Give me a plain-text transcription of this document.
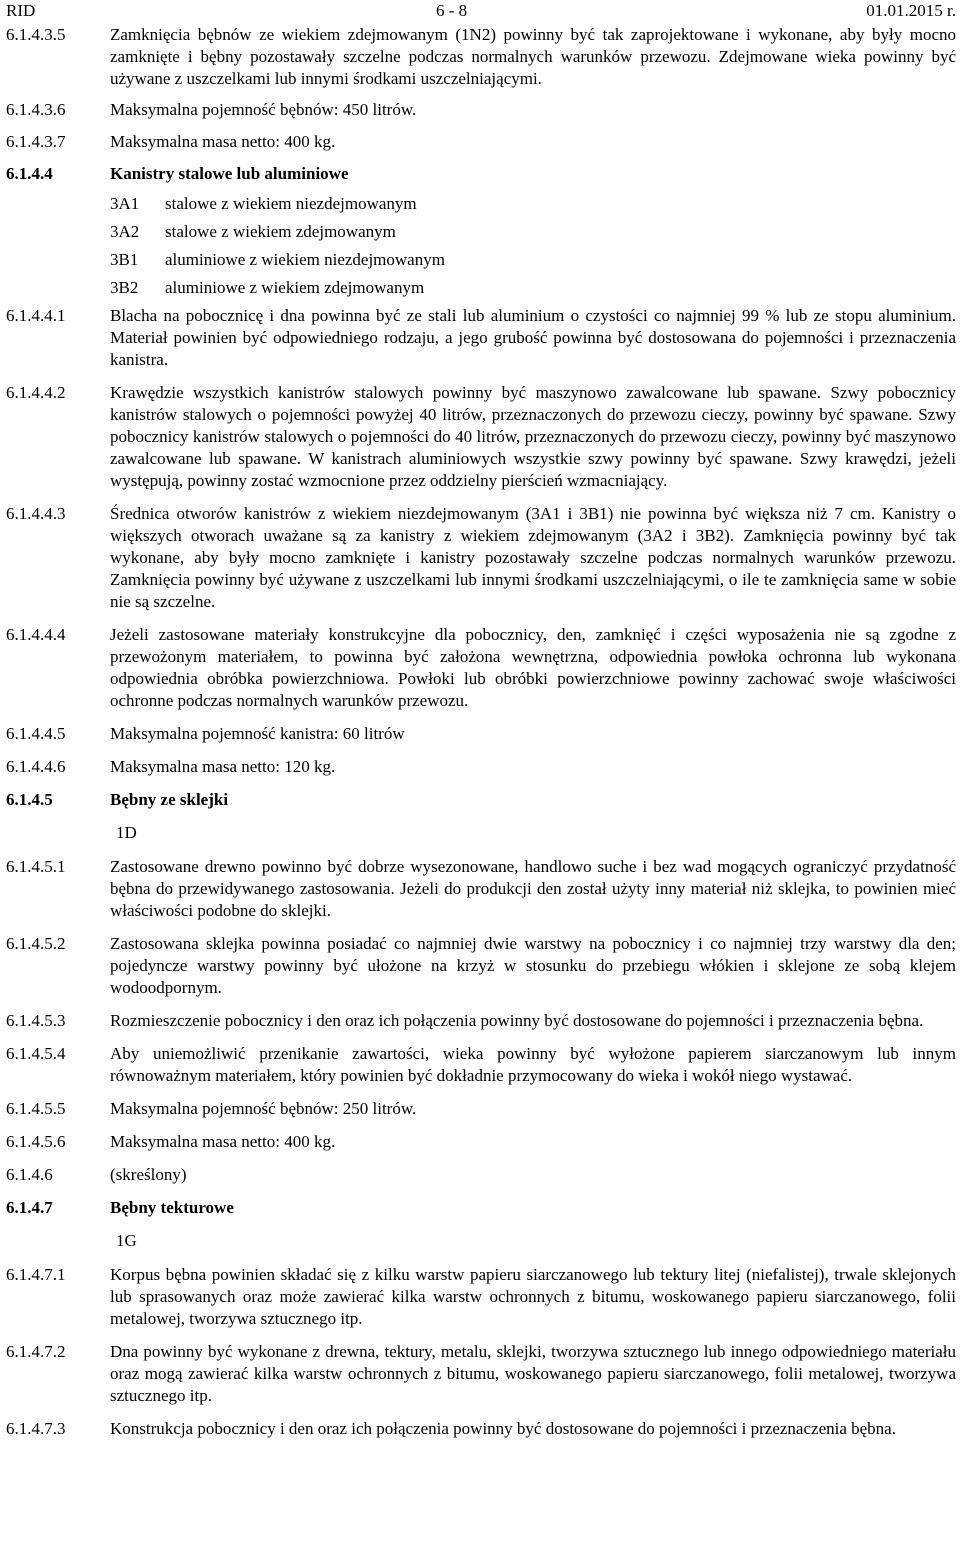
RID	6 - 8	01.01.2015 r.
6.1.4.3.5	Zamknięcia bębnów ze wiekiem zdejmowanym (1N2) powinny być tak zaprojektowane i wykonane, aby były mocno zamknięte i bębny pozostawały szczelne podczas normalnych warunków przewozu. Zdejmowane wieka powinny być używane z uszczelkami lub innymi środkami uszczelniającymi.
6.1.4.3.6	Maksymalna pojemność bębnów: 450 litrów.
6.1.4.3.7	Maksymalna masa netto: 400 kg.
6.1.4.4	Kanistry stalowe lub aluminiowe
3A1 stalowe z wiekiem niezdejmowanym
3A2 stalowe z wiekiem zdejmowanym
3B1 aluminiowe z wiekiem niezdejmowanym
3B2 aluminiowe z wiekiem zdejmowanym
6.1.4.4.1	Blacha na pobocznicę i dna powinna być ze stali lub aluminium o czystości co najmniej 99 % lub ze stopu aluminium. Materiał powinien być odpowiedniego rodzaju, a jego grubość powinna być dostosowana do pojemności i przeznaczenia kanistra.
6.1.4.4.2	Krawędzie wszystkich kanistrów stalowych powinny być maszynowo zawalcowane lub spawane. Szwy pobocznicy kanistrów stalowych o pojemności powyżej 40 litrów, przeznaczonych do przewozu cieczy, powinny być spawane. Szwy pobocznicy kanistrów stalowych o pojemności do 40 litrów, przeznaczonych do przewozu cieczy, powinny być maszynowo zawalcowane lub spawane. W kanistrach aluminiowych wszystkie szwy powinny być spawane. Szwy krawędzi, jeżeli występują, powinny zostać wzmocnione przez oddzielny pierścień wzmacniający.
6.1.4.4.3	Średnica otworów kanistrów z wiekiem niezdejmowanym (3A1 i 3B1) nie powinna być większa niż 7 cm. Kanistry o większych otworach uważane są za kanistry z wiekiem zdejmowanym (3A2 i 3B2). Zamknięcia powinny być tak wykonane, aby były mocno zamknięte i kanistry pozostawały szczelne podczas normalnych warunków przewozu. Zamknięcia powinny być używane z uszczelkami lub innymi środkami uszczelniającymi, o ile te zamknięcia same w sobie nie są szczelne.
6.1.4.4.4	Jeżeli zastosowane materiały konstrukcyjne dla pobocznicy, den, zamknięć i części wyposażenia nie są zgodne z przewożonym materiałem, to powinna być założona wewnętrzna, odpowiednia powłoka ochronna lub wykonana odpowiednia obróbka powierzchniowa. Powłoki lub obróbki powierzchniowe powinny zachować swoje właściwości ochronne podczas normalnych warunków przewozu.
6.1.4.4.5	Maksymalna pojemność kanistra: 60 litrów
6.1.4.4.6	Maksymalna masa netto: 120 kg.
6.1.4.5	Bębny ze sklejki
1D
6.1.4.5.1	Zastosowane drewno powinno być dobrze wysezonowane, handlowo suche i bez wad mogących ograniczyć przydatność bębna do przewidywanego zastosowania. Jeżeli do produkcji den został użyty inny materiał niż sklejka, to powinien mieć właściwości podobne do sklejki.
6.1.4.5.2	Zastosowana sklejka powinna posiadać co najmniej dwie warstwy na pobocznicy i co najmniej trzy warstwy dla den; pojedyncze warstwy powinny być ułożone na krzyż w stosunku do przebiegu włókien i sklejone ze sobą klejem wodoodpornym.
6.1.4.5.3	Rozmieszczenie pobocznicy i den oraz ich połączenia powinny być dostosowane do pojemności i przeznaczenia bębna.
6.1.4.5.4	Aby uniemożliwić przenikanie zawartości, wieka powinny być wyłożone papierem siarczanowym lub innym równoważnym materiałem, który powinien być dokładnie przymocowany do wieka i wokół niego wystawać.
6.1.4.5.5	Maksymalna pojemność bębnów: 250 litrów.
6.1.4.5.6	Maksymalna masa netto: 400 kg.
6.1.4.6	(skreślony)
6.1.4.7	Bębny tekturowe
1G
6.1.4.7.1	Korpus bębna powinien składać się z kilku warstw papieru siarczanowego lub tektury litej (niefalistej), trwale sklejonych lub sprasowanych oraz może zawierać kilka warstw ochronnych z bitumu, woskowanego papieru siarczanowego, folii metalowej, tworzywa sztucznego itp.
6.1.4.7.2	Dna powinny być wykonane z drewna, tektury, metalu, sklejki, tworzywa sztucznego lub innego odpowiedniego materiału oraz mogą zawierać kilka warstw ochronnych z bitumu, woskowanego papieru siarczanowego, folii metalowej, tworzywa sztucznego itp.
6.1.4.7.3	Konstrukcja pobocznicy i den oraz ich połączenia powinny być dostosowane do pojemności i przeznaczenia bębna.
